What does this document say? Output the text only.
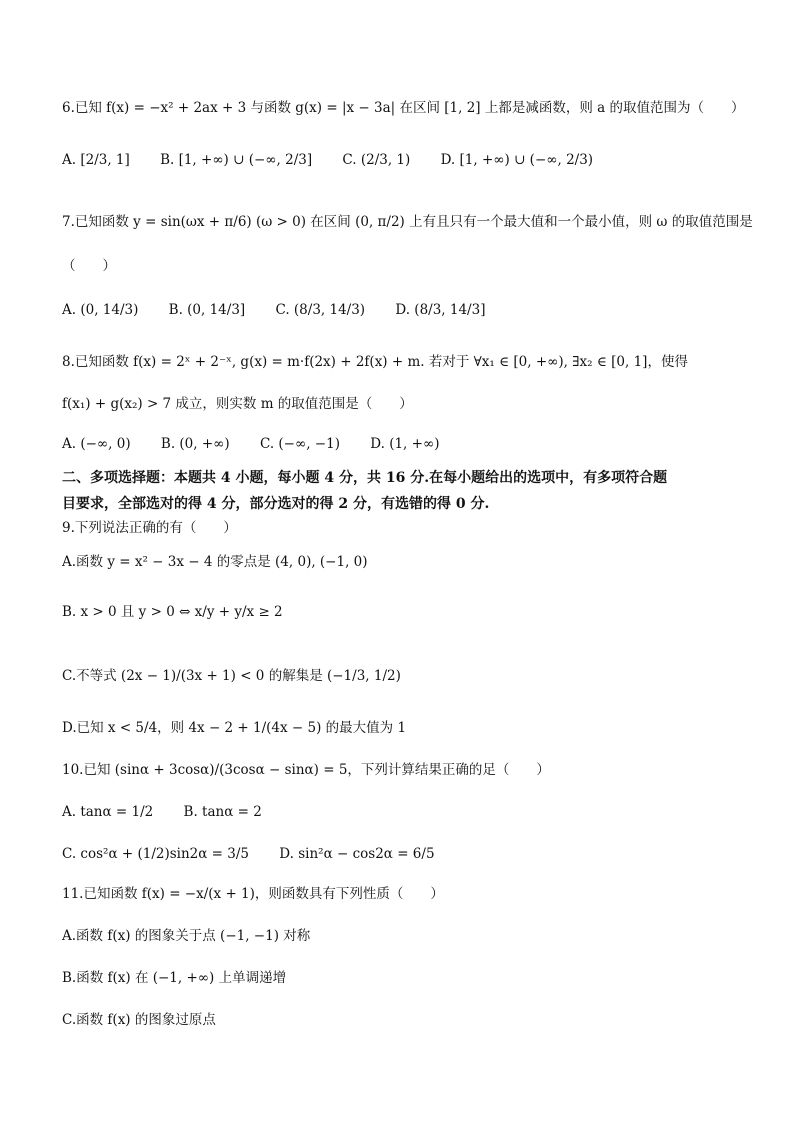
6.已知 f(x) = −x² + 2ax + 3 与函数 g(x) = |x − 3a| 在区间 [1, 2] 上都是减函数，则 a 的取值范围为（　　）
A. [2/3, 1] B. [1, +∞) ∪ (−∞, 2/3] C. (2/3, 1) D. [1, +∞) ∪ (−∞, 2/3)
7.已知函数 y = sin(ωx + π/6) (ω > 0) 在区间 (0, π/2) 上有且只有一个最大值和一个最小值，则 ω 的取值范围是
（　　）
A. (0, 14/3) B. (0, 14/3] C. (8/3, 14/3) D. (8/3, 14/3]
8.已知函数 f(x) = 2ˣ + 2⁻ˣ, g(x) = m·f(2x) + 2f(x) + m. 若对于 ∀x₁ ∈ [0, +∞), ∃x₂ ∈ [0, 1]，使得
f(x₁) + g(x₂) > 7 成立，则实数 m 的取值范围是（　　）
A. (−∞, 0) B. (0, +∞) C. (−∞, −1) D. (1, +∞)
二、多项选择题：本题共 4 小题，每小题 4 分，共 16 分.在每小题给出的选项中，有多项符合题
目要求，全部选对的得 4 分，部分选对的得 2 分，有选错的得 0 分.
9.下列说法正确的有（　　）
A.函数 y = x² − 3x − 4 的零点是 (4, 0), (−1, 0)
B. x > 0 且 y > 0 ⇔ x/y + y/x ≥ 2
C.不等式 (2x − 1)/(3x + 1) < 0 的解集是 (−1/3, 1/2)
D.已知 x < 5/4，则 4x − 2 + 1/(4x − 5) 的最大值为 1
10.已知 (sinα + 3cosα)/(3cosα − sinα) = 5，下列计算结果正确的足（　　）
A. tanα = 1/2 B. tanα = 2
C. cos²α + (1/2)sin2α = 3/5 D. sin²α − cos2α = 6/5
11.已知函数 f(x) = −x/(x + 1)，则函数具有下列性质（　　）
A.函数 f(x) 的图象关于点 (−1, −1) 对称
B.函数 f(x) 在 (−1, +∞) 上单调递增
C.函数 f(x) 的图象过原点
